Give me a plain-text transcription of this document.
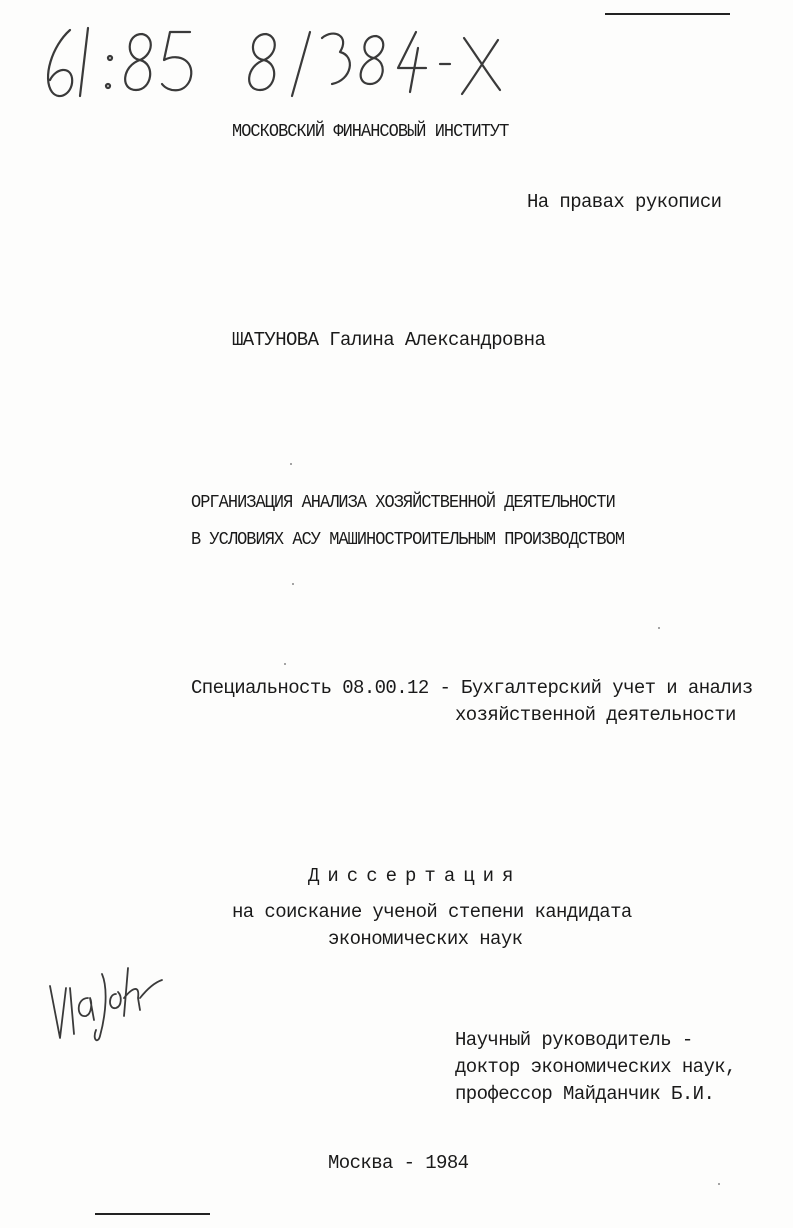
МОСКОВСКИЙ ФИНАНСОВЫЙ ИНСТИТУТ
На правах рукописи
ШАТУНОВА Галина Александровна
ОРГАНИЗАЦИЯ АНАЛИЗА ХОЗЯЙСТВЕННОЙ ДЕЯТЕЛЬНОСТИ
В УСЛОВИЯХ АСУ МАШИНОСТРОИТЕЛЬНЫМ ПРОИЗВОДСТВОМ
Специальность 08.00.12 - Бухгалтерский учет и анализ
хозяйственной деятельности
Диссертация
на соискание ученой степени кандидата
экономических наук
Научный руководитель -
доктор экономических наук,
профессор Майданчик Б.И.
Москва - 1984
